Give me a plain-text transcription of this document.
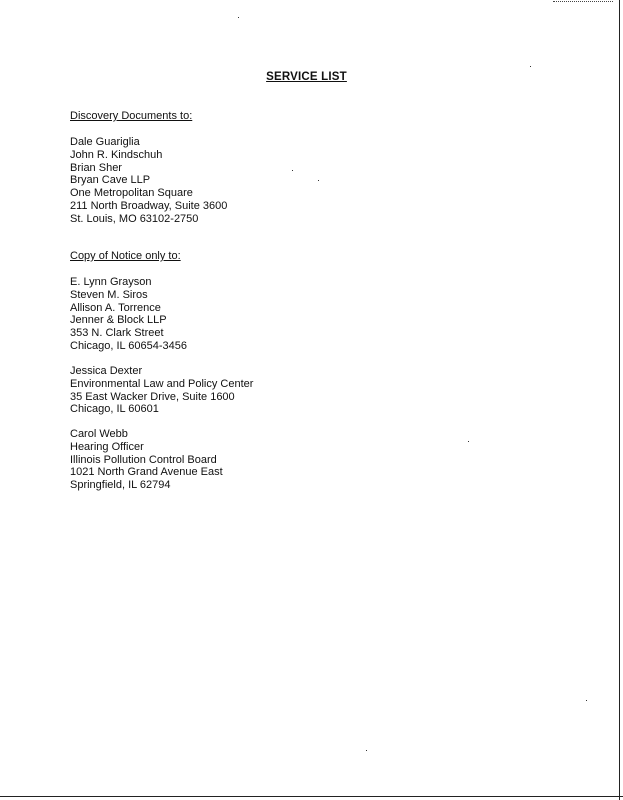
SERVICE LIST
Discovery Documents to:
Dale Guariglia
John R. Kindschuh
Brian Sher
Bryan Cave LLP
One Metropolitan Square
211 North Broadway, Suite 3600
St. Louis, MO 63102-2750
Copy of Notice only to:
E. Lynn Grayson
Steven M. Siros
Allison A. Torrence
Jenner & Block LLP
353 N. Clark Street
Chicago, IL 60654-3456
Jessica Dexter
Environmental Law and Policy Center
35 East Wacker Drive, Suite 1600
Chicago, IL 60601
Carol Webb
Hearing Officer
Illinois Pollution Control Board
1021 North Grand Avenue East
Springfield, IL 62794
